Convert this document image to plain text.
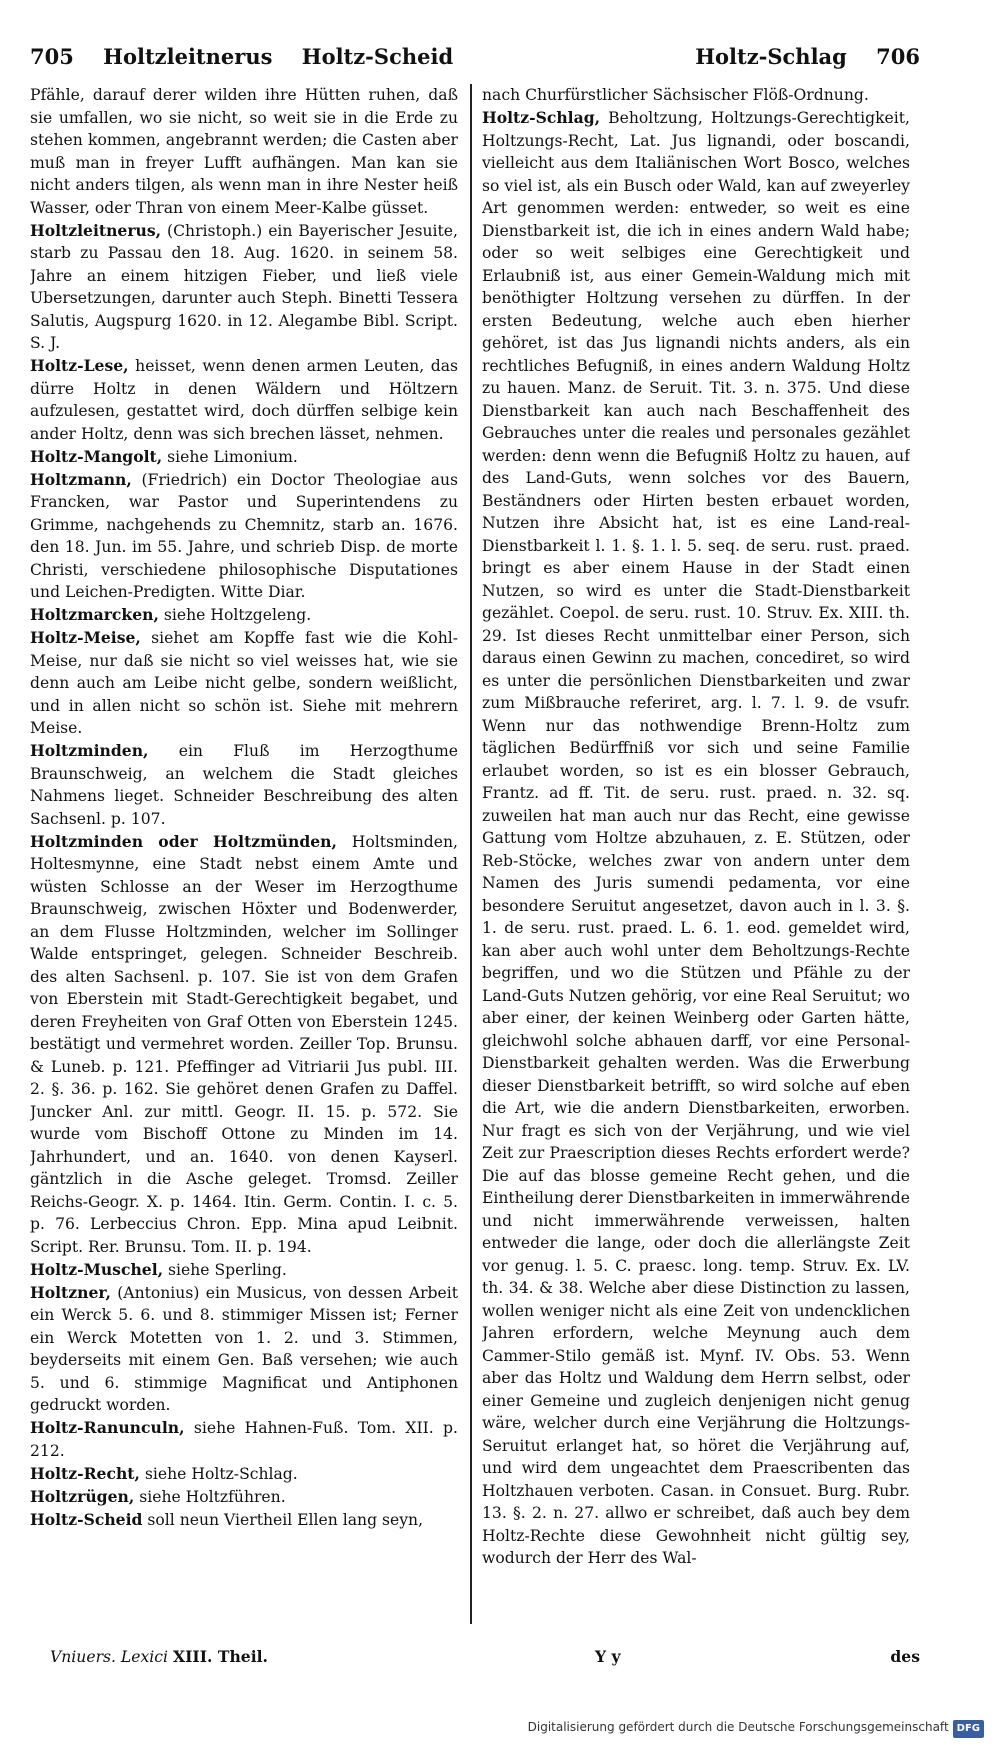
705 Holtzleitnerus Holtz-Scheid	Holtz-Schlag 706

Pfähle, darauf derer wilden ihre Hütten ruhen, daß sie umfallen, wo sie nicht, so weit sie in die Erde zu stehen kommen, angebrannt werden; die Casten aber muß man in freyer Lufft aufhängen. Man kan sie nicht anders tilgen, als wenn man in ihre Nester heiß Wasser, oder Thran von einem Meer-Kalbe güsset.

Holtzleitnerus, (Christoph.) ein Bayerischer Jesuite, starb zu Passau den 18. Aug. 1620. in seinem 58. Jahre an einem hitzigen Fieber, und ließ viele Ubersetzungen, darunter auch Steph. Binetti Tessera Salutis, Augspurg 1620. in 12. Alegambe Bibl. Script. S. J.

Holtz-Lese, heisset, wenn denen armen Leuten, das dürre Holtz in denen Wäldern und Höltzern aufzulesen, gestattet wird, doch dürffen selbige kein ander Holtz, denn was sich brechen lässet, nehmen.

Holtz-Mangolt, siehe Limonium.

Holtzmann, (Friedrich) ein Doctor Theologiae aus Francken, war Pastor und Superintendens zu Grimme, nachgehends zu Chemnitz, starb an. 1676. den 18. Jun. im 55. Jahre, und schrieb Disp. de morte Christi, verschiedene philosophische Disputationes und Leichen-Predigten. Witte Diar.

Holtzmarcken, siehe Holtzgeleng.

Holtz-Meise, siehet am Kopffe fast wie die Kohl-Meise, nur daß sie nicht so viel weisses hat, wie sie denn auch am Leibe nicht gelbe, sondern weißlicht, und in allen nicht so schön ist. Siehe mit mehrern Meise.

Holtzminden, ein Fluß im Herzogthume Braunschweig, an welchem die Stadt gleiches Nahmens lieget. Schneider Beschreibung des alten Sachsenl. p. 107.

Holtzminden oder Holtzmünden, Holtsminden, Holtesmynne, eine Stadt nebst einem Amte und wüsten Schlosse an der Weser im Herzogthume Braunschweig, zwischen Höxter und Bodenwerder, an dem Flusse Holtzminden, welcher im Sollinger Walde entspringet, gelegen. Schneider Beschreib. des alten Sachsenl. p. 107. Sie ist von dem Grafen von Eberstein mit Stadt-Gerechtigkeit begabet, und deren Freyheiten von Graf Otten von Eberstein 1245. bestätigt und vermehret worden. Zeiller Top. Brunsu. & Luneb. p. 121. Pfeffinger ad Vitriarii Jus publ. III. 2. §. 36. p. 162. Sie gehöret denen Grafen zu Daffel. Juncker Anl. zur mittl. Geogr. II. 15. p. 572. Sie wurde vom Bischoff Ottone zu Minden im 14. Jahrhundert, und an. 1640. von denen Kayserl. gäntzlich in die Asche geleget. Tromsd. Zeiller Reichs-Geogr. X. p. 1464. Itin. Germ. Contin. I. c. 5. p. 76. Lerbeccius Chron. Epp. Mina apud Leibnit. Script. Rer. Brunsu. Tom. II. p. 194.

Holtz-Muschel, siehe Sperling.

Holtzner, (Antonius) ein Musicus, von dessen Arbeit ein Werck 5. 6. und 8. stimmiger Missen ist; Ferner ein Werck Motetten von 1. 2. und 3. Stimmen, beyderseits mit einem Gen. Baß versehen; wie auch 5. und 6. stimmige Magnificat und Antiphonen gedruckt worden.

Holtz-Ranunculn, siehe Hahnen-Fuß. Tom. XII. p. 212.

Holtz-Recht, siehe Holtz-Schlag.

Holtzrügen, siehe Holtzführen.

Holtz-Scheid soll neun Viertheil Ellen lang seyn,

nach Churfürstlicher Sächsischer Flöß-Ordnung.

Holtz-Schlag, Beholtzung, Holtzungs-Gerechtigkeit, Holtzungs-Recht, Lat. Jus lignandi, oder boscandi, vielleicht aus dem Italiänischen Wort Bosco, welches so viel ist, als ein Busch oder Wald, kan auf zweyerley Art genommen werden: entweder, so weit es eine Dienstbarkeit ist, die ich in eines andern Wald habe; oder so weit selbiges eine Gerechtigkeit und Erlaubniß ist, aus einer Gemein-Waldung mich mit benöthigter Holtzung versehen zu dürffen. In der ersten Bedeutung, welche auch eben hierher gehöret, ist das Jus lignandi nichts anders, als ein rechtliches Befugniß, in eines andern Waldung Holtz zu hauen. Manz. de Seruit. Tit. 3. n. 375. Und diese Dienstbarkeit kan auch nach Beschaffenheit des Gebrauches unter die reales und personales gezählet werden: denn wenn die Befugniß Holtz zu hauen, auf des Land-Guts, wenn solches vor des Bauern, Beständners oder Hirten besten erbauet worden, Nutzen ihre Absicht hat, ist es eine Land-real-Dienstbarkeit l. 1. §. 1. l. 5. seq. de seru. rust. praed. bringt es aber einem Hause in der Stadt einen Nutzen, so wird es unter die Stadt-Dienstbarkeit gezählet. Coepol. de seru. rust. 10. Struv. Ex. XIII. th. 29. Ist dieses Recht unmittelbar einer Person, sich daraus einen Gewinn zu machen, concediret, so wird es unter die persönlichen Dienstbarkeiten und zwar zum Mißbrauche referiret, arg. l. 7. l. 9. de vsufr. Wenn nur das nothwendige Brenn-Holtz zum täglichen Bedürffniß vor sich und seine Familie erlaubet worden, so ist es ein blosser Gebrauch, Frantz. ad ff. Tit. de seru. rust. praed. n. 32. sq. zuweilen hat man auch nur das Recht, eine gewisse Gattung vom Holtze abzuhauen, z. E. Stützen, oder Reb-Stöcke, welches zwar von andern unter dem Namen des Juris sumendi pedamenta, vor eine besondere Seruitut angesetzet, davon auch in l. 3. §. 1. de seru. rust. praed. L. 6. 1. eod. gemeldet wird, kan aber auch wohl unter dem Beholtzungs-Rechte begriffen, und wo die Stützen und Pfähle zu der Land-Guts Nutzen gehörig, vor eine Real Seruitut; wo aber einer, der keinen Weinberg oder Garten hätte, gleichwohl solche abhauen darff, vor eine Personal-Dienstbarkeit gehalten werden. Was die Erwerbung dieser Dienstbarkeit betrifft, so wird solche auf eben die Art, wie die andern Dienstbarkeiten, erworben. Nur fragt es sich von der Verjährung, und wie viel Zeit zur Praescription dieses Rechts erfordert werde? Die auf das blosse gemeine Recht gehen, und die Eintheilung derer Dienstbarkeiten in immerwährende und nicht immerwährende verweissen, halten entweder die lange, oder doch die allerlängste Zeit vor genug. l. 5. C. praesc. long. temp. Struv. Ex. LV. th. 34. & 38. Welche aber diese Distinction zu lassen, wollen weniger nicht als eine Zeit von undencklichen Jahren erfordern, welche Meynung auch dem Cammer-Stilo gemäß ist. Mynf. IV. Obs. 53. Wenn aber das Holtz und Waldung dem Herrn selbst, oder einer Gemeine und zugleich denjenigen nicht genug wäre, welcher durch eine Verjährung die Holtzungs-Seruitut erlanget hat, so höret die Verjährung auf, und wird dem ungeachtet dem Praescribenten das Holtzhauen verboten. Casan. in Consuet. Burg. Rubr. 13. §. 2. n. 27. allwo er schreibet, daß auch bey dem Holtz-Rechte diese Gewohnheit nicht gültig sey, wodurch der Herr des Wal-

Vniuers. Lexici XIII. Theil.	Y y	des
Digitalisierung gefördert durch die Deutsche Forschungsgemeinschaft DFG
